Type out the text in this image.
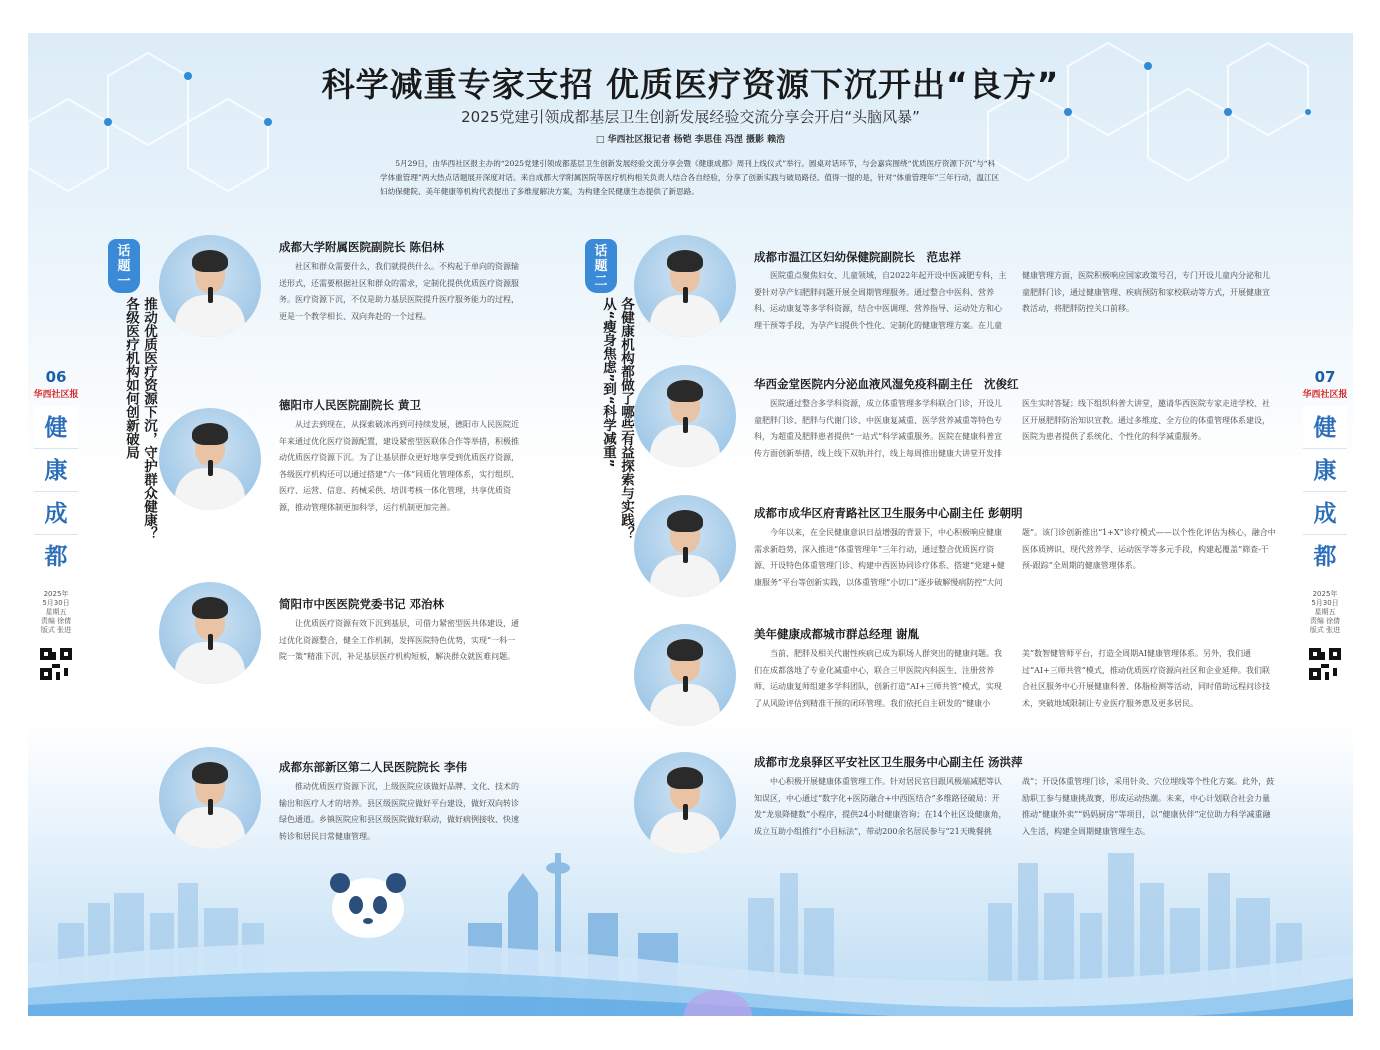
科学减重专家支招 优质医疗资源下沉开出“良方”
2025党建引领成都基层卫生创新发展经验交流分享会开启“头脑风暴”
□ 华西社区报记者 杨铠 李思佳 冯涅 摄影 赖浩
5月29日，由华西社区报主办的“2025党建引领成都基层卫生创新发展经验交流分享会暨《健康成都》周刊上线仪式”举行。圆桌对话环节，与会嘉宾围绕“优质医疗资源下沉”与“科学体重管理”两大热点话题展开深度对话。来自成都大学附属医院等医疗机构相关负责人结合各自经验，分享了创新实践与破局路径。值得一提的是，针对“体重管理年”三年行动，温江区妇幼保健院、美年健康等机构代表提出了多维度解决方案，为构建全民健康生态提供了新思路。
06
华西社区报
健
康
成
都
2025年
5月30日
星期五
责编 徐倩
版式 张进
07
华西社区报
健
康
成
都
2025年
5月30日
星期五
责编 徐倩
版式 张进
话
题
一
推动优质医疗资源下沉，守护群众健康？
各级医疗机构如何创新破局
话
题
二
各健康机构都做了哪些有益探索与实践？
从“瘦身焦虑”到“科学减重”
成都大学附属医院副院长 陈侣林
社区和群众需要什么，我们就提供什么。不构起于单向的资源输送形式，还需要根据社区和群众的需求，定制化提供优质医疗资源服务。医疗资源下沉，不仅是助力基层医院提升医疗服务能力的过程，更是一个教学相长、双向奔赴的一个过程。
德阳市人民医院副院长 黄卫
从过去到现在，从探索破冰再到可持续发展，德阳市人民医院近年来通过优化医疗资源配置，建设紧密型医联体合作等举措，积极推动优质医疗资源下沉。为了让基层群众更好地享受到优质医疗资源，各级医疗机构还可以通过搭建“六一体”同质化管理体系，实行组织、医疗、运营、信息、药械采供、培训考核一体化管理，共享优质资源，推动管理体制更加科学，运行机制更加完善。
简阳市中医医院党委书记 邓治林
让优质医疗资源有效下沉到基层，可借力紧密型医共体建设，通过优化资源整合，健全工作机制，发挥医院特色优势，实现“一科一院一策”精准下沉，补足基层医疗机构短板，解决群众就医难问题。
成都东部新区第二人民医院院长 李伟
推动优质医疗资源下沉，上级医院应该做好品牌、文化、技术的输出和医疗人才的培养。县区级医院应做好平台建设，做好双向转诊绿色通道。乡镇医院应和县区级医院做好联动，做好病例接收、快速转诊和居民日常健康管理。
成都市温江区妇幼保健院副院长　范忠祥
医院重点聚焦妇女、儿童领域，自2022年起开设中医减肥专科，主要针对孕产妇肥胖问题开展全周期管理服务。通过整合中医科、营养科、运动康复等多学科资源，结合中医调理、营养指导、运动处方和心理干预等手段，为孕产妇提供个性化、定制化的健康管理方案。在儿童健康管理方面，医院积极响应国家政策号召，专门开设儿童内分泌和儿童肥胖门诊，通过健康管理、疾病预防和家校联动等方式，开展健康宣教活动，将肥胖防控关口前移。
华西金堂医院内分泌血液风湿免疫科副主任　沈俊红
医院通过整合多学科资源，成立体重管理多学科联合门诊，开设儿童肥胖门诊、肥胖与代谢门诊、中医康复减重、医学营养减重等特色专科，为超重及肥胖患者提供“一站式”科学减重服务。医院在健康科普宣传方面创新举措，线上线下双轨并行，线上每周推出健康大讲堂开发排医生实时答疑；线下组织科普大讲堂，邀请华西医院专家走进学校、社区开展肥胖防治知识宣教。通过多维度、全方位的体重管理体系建设，医院为患者提供了系统化、个性化的科学减重服务。
成都市成华区府青路社区卫生服务中心副主任 彭朝明
今年以来，在全民健康意识日益增强的背景下，中心积极响应健康需求新趋势，深入推进“体重管理年”三年行动，通过整合优质医疗资源、开设特色体重管理门诊、构建中西医协同诊疗体系、搭建“党建+健康服务”平台等创新实践，以体重管理“小切口”逐步破解慢病防控“大问题”。该门诊创新推出“1+X”诊疗模式——以个性化评估为核心，融合中医体质辨识、现代营养学、运动医学等多元手段，构建起覆盖“筛查-干预-跟踪”全周期的健康管理体系。
美年健康成都城市群总经理 谢胤
当前，肥胖及相关代谢性疾病已成为职场人群突出的健康问题。我们在成都落地了专业化减重中心，联合三甲医院内科医生、注册营养师、运动康复师组建多学科团队，创新打造“AI+三师共管”模式，实现了从风险评估到精准干预的闭环管理。我们依托自主研发的“健康小美”数智健管师平台，打造全周期AI健康管理体系。另外，我们通过“AI+三师共管”模式，推动优质医疗资源向社区和企业延伸。我们联合社区服务中心开展健康科普、体脂检测等活动，同时借助远程问诊技术，突破地域限制让专业医疗服务惠及更多居民。
成都市龙泉驿区平安社区卫生服务中心副主任 汤洪萍
中心积极开展健康体重管理工作。针对居民官目跟风极端减肥等认知误区，中心通过“数字化+医防融合+中西医结合”多维路径破局：开发“龙泉降健数”小程序，提供24小时健康咨询；在14个社区设健康角，成立互助小组推行“小目标法”，带动200余名居民参与“21天晚餐挑战”；开设体重管理门诊，采用针灸、穴位埋线等个性化方案。此外，鼓励职工参与健康挑战赛，形成运动热潮。未来，中心计划联合社会力量推动“健康外卖”“妈妈厨房”等项目，以“健康伙伴”定位助力科学减重融入生活，构建全周期健康管理生态。
